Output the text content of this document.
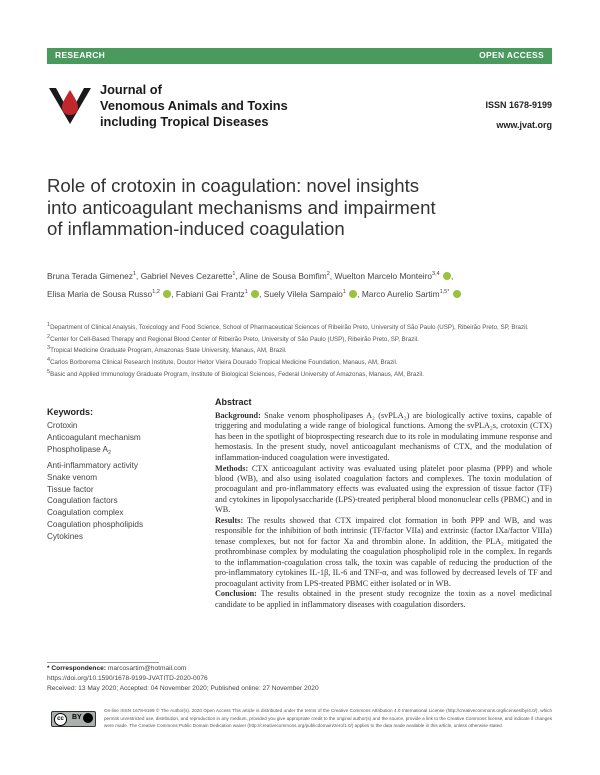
RESEARCH	OPEN ACCESS
Journal of
Venomous Animals and Toxins
including Tropical Diseases
ISSN 1678-9199
www.jvat.org
Role of crotoxin in coagulation: novel insights into anticoagulant mechanisms and impairment of inflammation-induced coagulation
Bruna Terada Gimenez$^1$, Gabriel Neves Cezarette$^1$, Aline de Sousa Bomfim$^2$, Wuelton Marcelo Monteiro$^{3,4}$ ,
Elisa Maria de Sousa Russo$^{1,2}$ , Fabiani Gai Frantz$^1$ , Suely Vilela Sampaio$^1$ , Marco Aurelio Sartim$^{1,5*}$
$^1$Department of Clinical Analysis, Toxicology and Food Science, School of Pharmaceutical Sciences of Ribeirão Preto, University of São Paulo (USP), Ribeirão Preto, SP, Brazil.
$^2$Center for Cell-Based Therapy and Regional Blood Center of Ribeirão Preto, University of São Paulo (USP), Ribeirão Preto, SP, Brazil.
$^3$Tropical Medicine Graduate Program, Amazonas State University, Manaus, AM, Brazil.
$^4$Carlos Borborema Clinical Research Institute, Doutor Heitor Vieira Dourado Tropical Medicine Foundation, Manaus, AM, Brazil.
$^5$Basic and Applied Immunology Graduate Program, Institute of Biological Sciences, Federal University of Amazonas, Manaus, AM, Brazil.
Keywords:
Crotoxin
Anticoagulant mechanism
Phospholipase $A_2$
Anti-inflammatory activity
Snake venom
Tissue factor
Coagulation factors
Coagulation complex
Coagulation phospholipids
Cytokines
Abstract

Background: Snake venom phospholipases A₂ (svPLA₂) are biologically active toxins, capable of triggering and modulating a wide range of biological functions. Among the svPLA₂s, crotoxin (CTX) has been in the spotlight of bioprospecting research due to its role in modulating immune response and hemostasis. In the present study, novel anticoagulant mechanisms of CTX, and the modulation of inflammation-induced coagulation were investigated.

Methods: CTX anticoagulant activity was evaluated using platelet poor plasma (PPP) and whole blood (WB), and also using isolated coagulation factors and complexes. The toxin modulation of procoagulant and pro-inflammatory effects was evaluated using the expression of tissue factor (TF) and cytokines in lipopolysaccharide (LPS)-treated peripheral blood mononuclear cells (PBMC) and in WB.

Results: The results showed that CTX impaired clot formation in both PPP and WB, and was responsible for the inhibition of both intrinsic (TF/factor VIIa) and extrinsic (factor IXa/factor VIIIa) tenase complexes, but not for factor Xa and thrombin alone. In addition, the PLA₂ mitigated the prothrombinase complex by modulating the coagulation phospholipid role in the complex. In regards to the inflammation-coagulation cross talk, the toxin was capable of reducing the production of the pro-inflammatory cytokines IL-1β, IL-6 and TNF-α, and was followed by decreased levels of TF and procoagulant activity from LPS-treated PBMC either isolated or in WB.

Conclusion: The results obtained in the present study recognize the toxin as a novel medicinal candidate to be applied in inflammatory diseases with coagulation disorders.

* Correspondence: marcosartim@hotmail.com
https://doi.org/10.1590/1678-9199-JVATITD-2020-0076
Received: 13 May 2020; Accepted: 04 November 2020; Published online: 27 November 2020
cc	BY
On-line ISSN 1678-9199 © The Author(s). 2020 Open Access This article is distributed under the terms of the Creative Commons Attribution 4.0 International License (http://creativecommons.org/licenses/by/4.0/), which permits unrestricted use, distribution, and reproduction in any medium, provided you give appropriate credit to the original author(s) and the source, provide a link to the Creative Commons license, and indicate if changes were made. The Creative Commons Public Domain Dedication waiver (http://creativecommons.org/publicdomain/zero/1.0/) applies to the data made available in this article, unless otherwise stated.
